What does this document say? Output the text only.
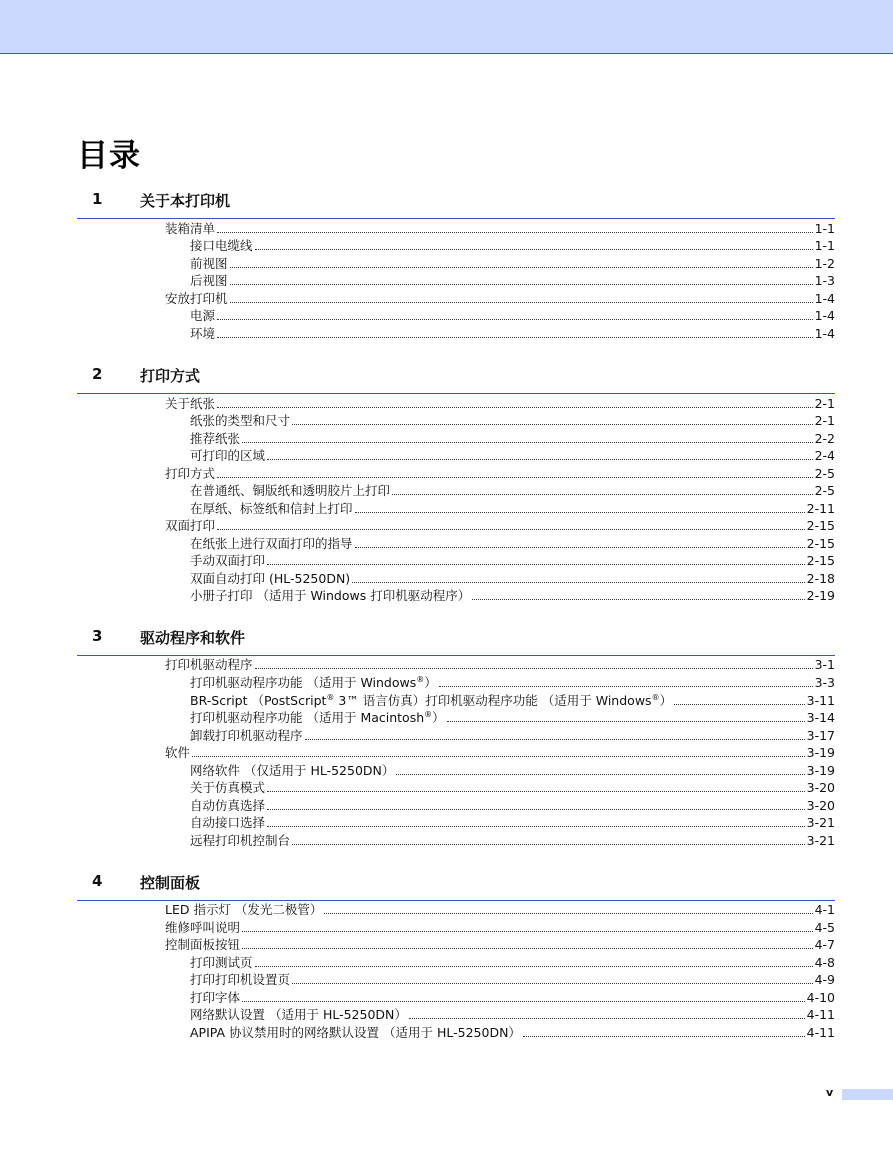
目录
1	关于本打印机
装箱清单	1-1
接口电缆线	1-1
前视图	1-2
后视图	1-3
安放打印机	1-4
电源	1-4
环境	1-4
2	打印方式
关于纸张	2-1
纸张的类型和尺寸	2-1
推荐纸张	2-2
可打印的区域	2-4
打印方式	2-5
在普通纸、铜版纸和透明胶片上打印	2-5
在厚纸、标签纸和信封上打印	2-11
双面打印	2-15
在纸张上进行双面打印的指导	2-15
手动双面打印	2-15
双面自动打印 (HL-5250DN)	2-18
小册子打印 （适用于 Windows 打印机驱动程序）	2-19
3	驱动程序和软件
打印机驱动程序	3-1
打印机驱动程序功能 （适用于 Windows®）	3-3
BR-Script （PostScript® 3™ 语言仿真）打印机驱动程序功能 （适用于 Windows®）	3-11
打印机驱动程序功能 （适用于 Macintosh®）	3-14
卸载打印机驱动程序	3-17
软件	3-19
网络软件 （仅适用于 HL-5250DN）	3-19
关于仿真模式	3-20
自动仿真选择	3-20
自动接口选择	3-21
远程打印机控制台	3-21
4	控制面板
LED 指示灯 （发光二极管）	4-1
维修呼叫说明	4-5
控制面板按钮	4-7
打印测试页	4-8
打印打印机设置页	4-9
打印字体	4-10
网络默认设置 （适用于 HL-5250DN）	4-11
APIPA 协议禁用时的网络默认设置 （适用于 HL-5250DN）	4-11
v
